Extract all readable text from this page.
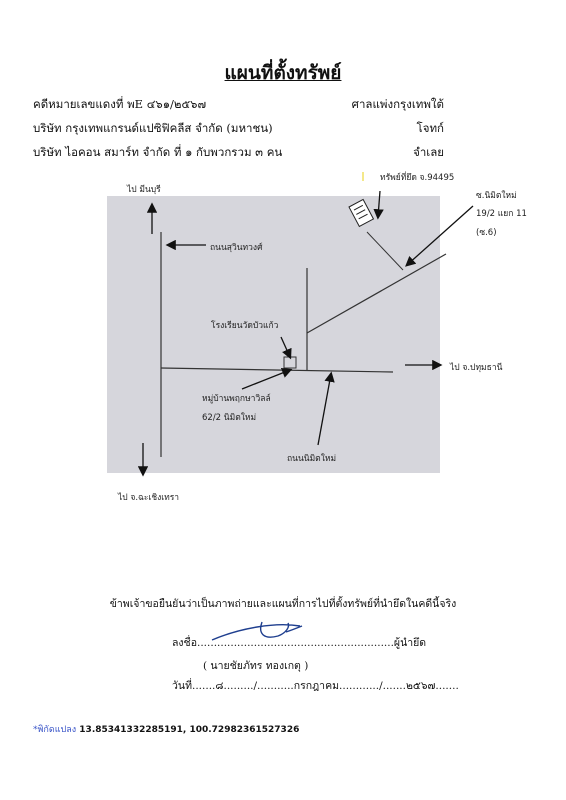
แผนที่ตั้งทรัพย์
คดีหมายเลขแดงที่ พE ๔๖๑/๒๕๖๗	ศาลแพ่งกรุงเทพใต้
บริษัท กรุงเทพแกรนด์แปซิฟิคลีส จำกัด (มหาชน)	โจทก์
บริษัท ไอคอน สมาร์ท จำกัด ที่ ๑ กับพวกรวม ๓ คน	จำเลย
ไป มีนบุรี
ทรัพย์ที่ยึด จ.94495
ซ.นิมิตใหม่
19/2 แยก 11
(ซ.6)
ไป จ.ปทุมธานี
ไป จ.ฉะเชิงเทรา
ถนนสุวินทวงศ์
โรงเรียนวัดบัวแก้ว
หมู่บ้านพฤกษาวิลล์
62/2 นิมิตใหม่
ถนนนิมิตใหม่
ข้าพเจ้าขอยืนยันว่าเป็นภาพถ่ายและแผนที่การไปที่ตั้งทรัพย์ที่นำยึดในคดีนี้จริง
ลงชื่อ...........................................................ผู้นำยึด
( นายชัยภัทร ทองเกตุ )
วันที่.......๘........./...........กรกฎาคม............/.......๒๕๖๗.......
*พิกัดแปลง 13.85341332285191, 100.72982361527326
